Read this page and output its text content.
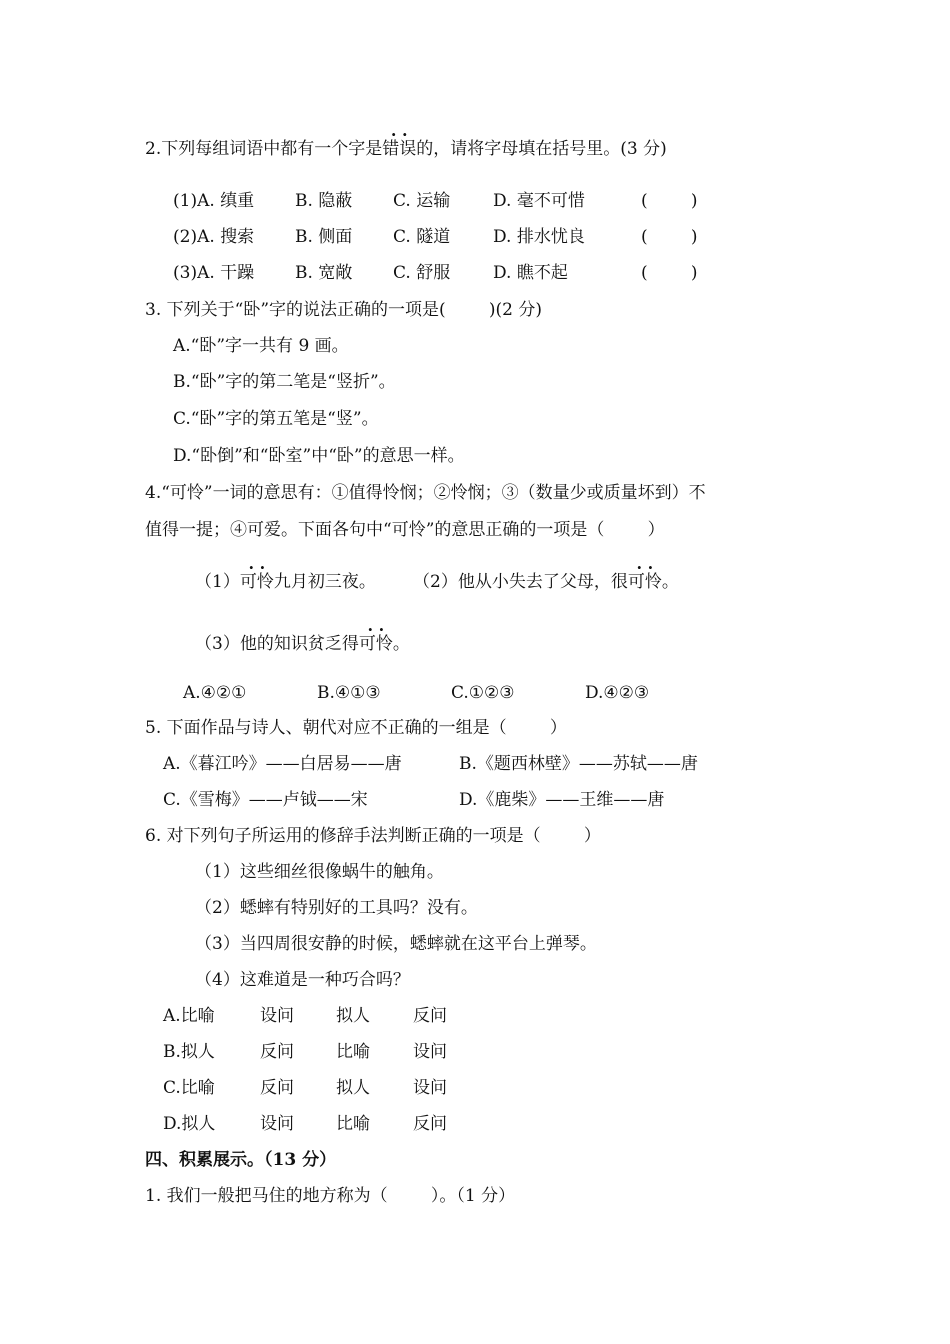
2.下列每组词语中都有一个字是· · 错误的，请将字母填在括号里。(3 分)
(1)A. 缜重 B. 隐蔽 C. 运输	D. 毫不可惜	(        )
(2)A. 搜索 B. 侧面 C. 隧道	D. 排水忧良	(        )
(3)A. 干躁 B. 宽敞 C. 舒服	D. 瞧不起	(        )
3. 下列关于“卧”字的说法正确的一项是(        )(2 分)
A.“卧”字一共有 9 画。
B.“卧”字的第二笔是“竖折”。
C.“卧”字的第五笔是“竖”。
D.“卧倒”和“卧室”中“卧”的意思一样。
4.“可怜”一词的意思有：①值得怜悯；②怜悯；③（数量少或质量坏到）不
值得一提；④可爱。下面各句中“可怜”的意思正确的一项是（        ）
（1）· · 可怜九月初三夜。 （2）他从小失去了父母，很· · 可怜。
（3）他的知识贫乏得· · 可怜。
A.④②①	B.④①③	C.①②③	D.④②③
5. 下面作品与诗人、朝代对应不正确的一组是（        ）
A.《暮江吟》——白居易——唐	B.《题西林壁》——苏轼——唐
C.《雪梅》——卢钺——宋	D.《鹿柴》——王维——唐
6. 对下列句子所运用的修辞手法判断正确的一项是（        ）
（1）这些细丝很像蜗牛的触角。
（2）蟋蟀有特别好的工具吗？没有。
（3）当四周很安静的时候，蟋蟀就在这平台上弹琴。
（4）这难道是一种巧合吗？
A.比喻	设问 拟人	反问
B.拟人	反问 比喻	设问
C.比喻	反问 拟人	设问
D.拟人	设问 比喻	反问
四、积累展示。（13 分）
1. 我们一般把马住的地方称为（        ）。（1 分）
